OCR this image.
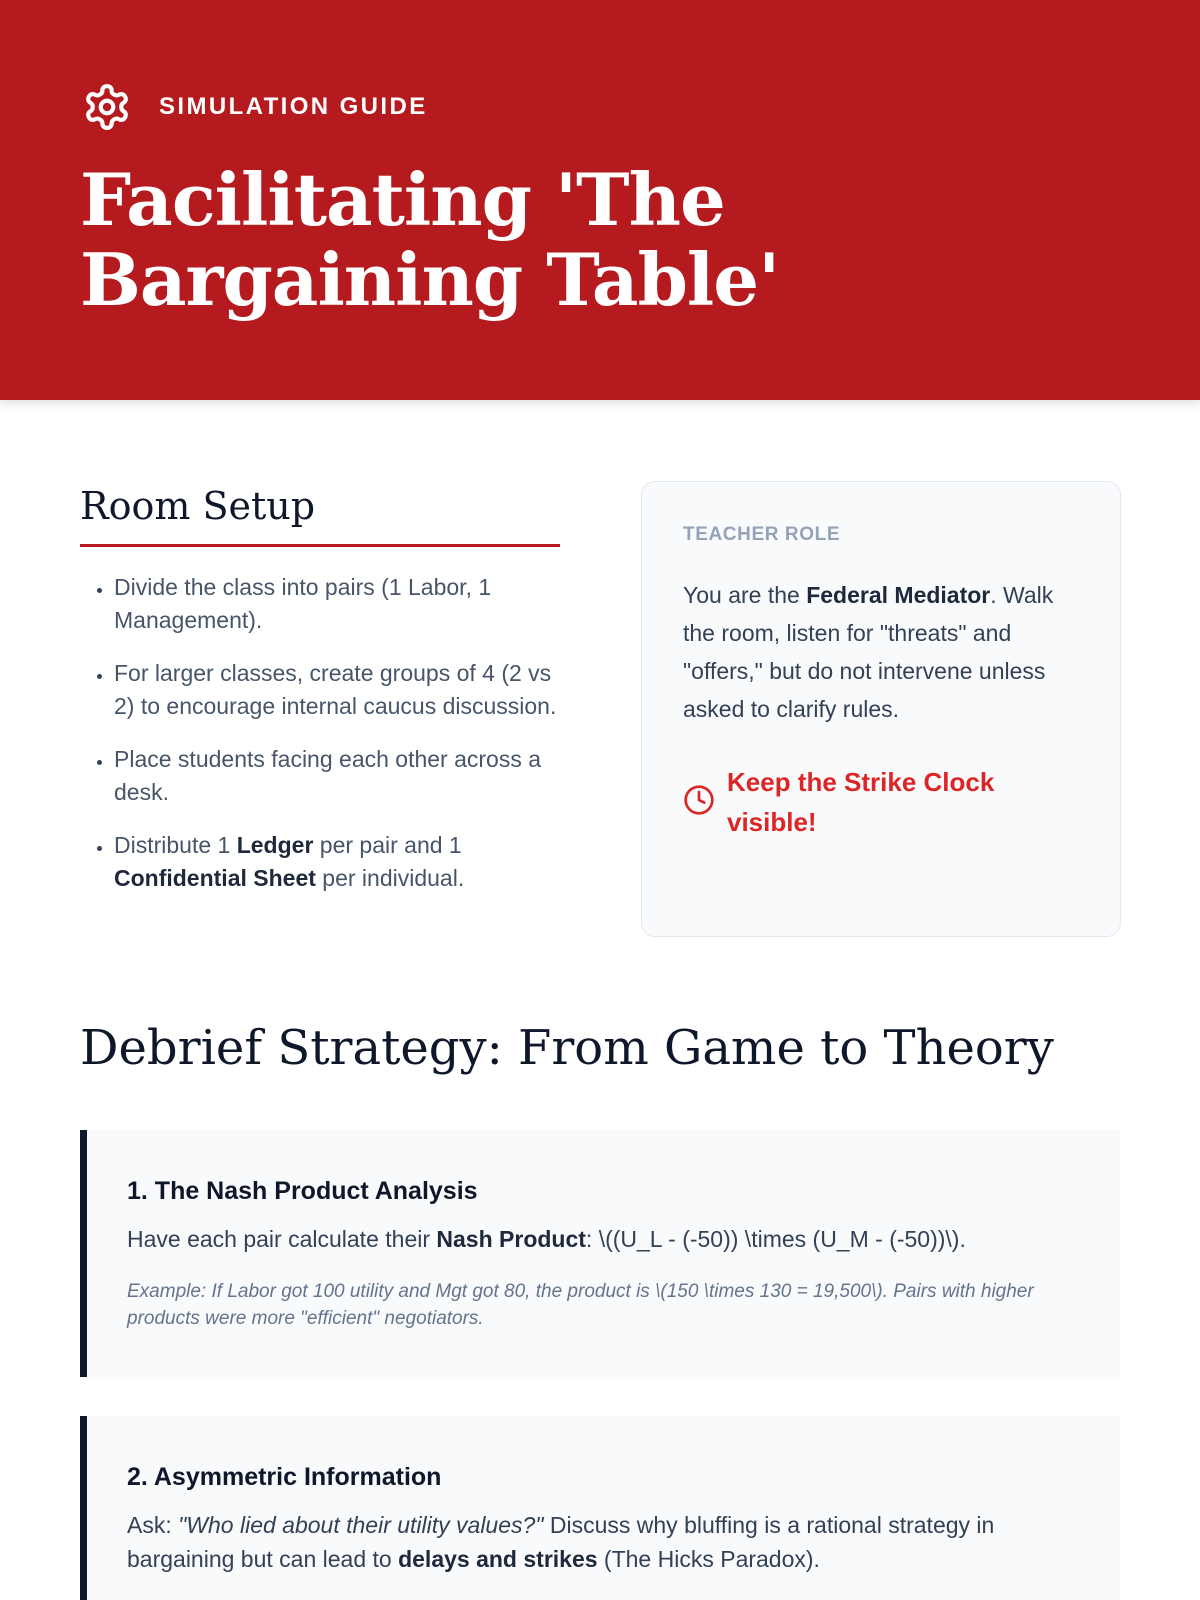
SIMULATION GUIDE
Facilitating 'The Bargaining Table'
Room Setup
• Divide the class into pairs (1 Labor, 1 Management).
• For larger classes, create groups of 4 (2 vs 2) to encourage internal caucus discussion.
• Place students facing each other across a desk.
• Distribute 1 Ledger per pair and 1 Confidential Sheet per individual.
TEACHER ROLE
You are the Federal Mediator. Walk the room, listen for "threats" and "offers," but do not intervene unless asked to clarify rules.
Keep the Strike Clock visible!
Debrief Strategy: From Game to Theory
1. The Nash Product Analysis
Have each pair calculate their Nash Product: \((U_L - (-50)) \times (U_M - (-50))\).
Example: If Labor got 100 utility and Mgt got 80, the product is \(150 \times 130 = 19,500\). Pairs with higher products were more "efficient" negotiators.
2. Asymmetric Information
Ask: "Who lied about their utility values?" Discuss why bluffing is a rational strategy in bargaining but can lead to delays and strikes (The Hicks Paradox).
